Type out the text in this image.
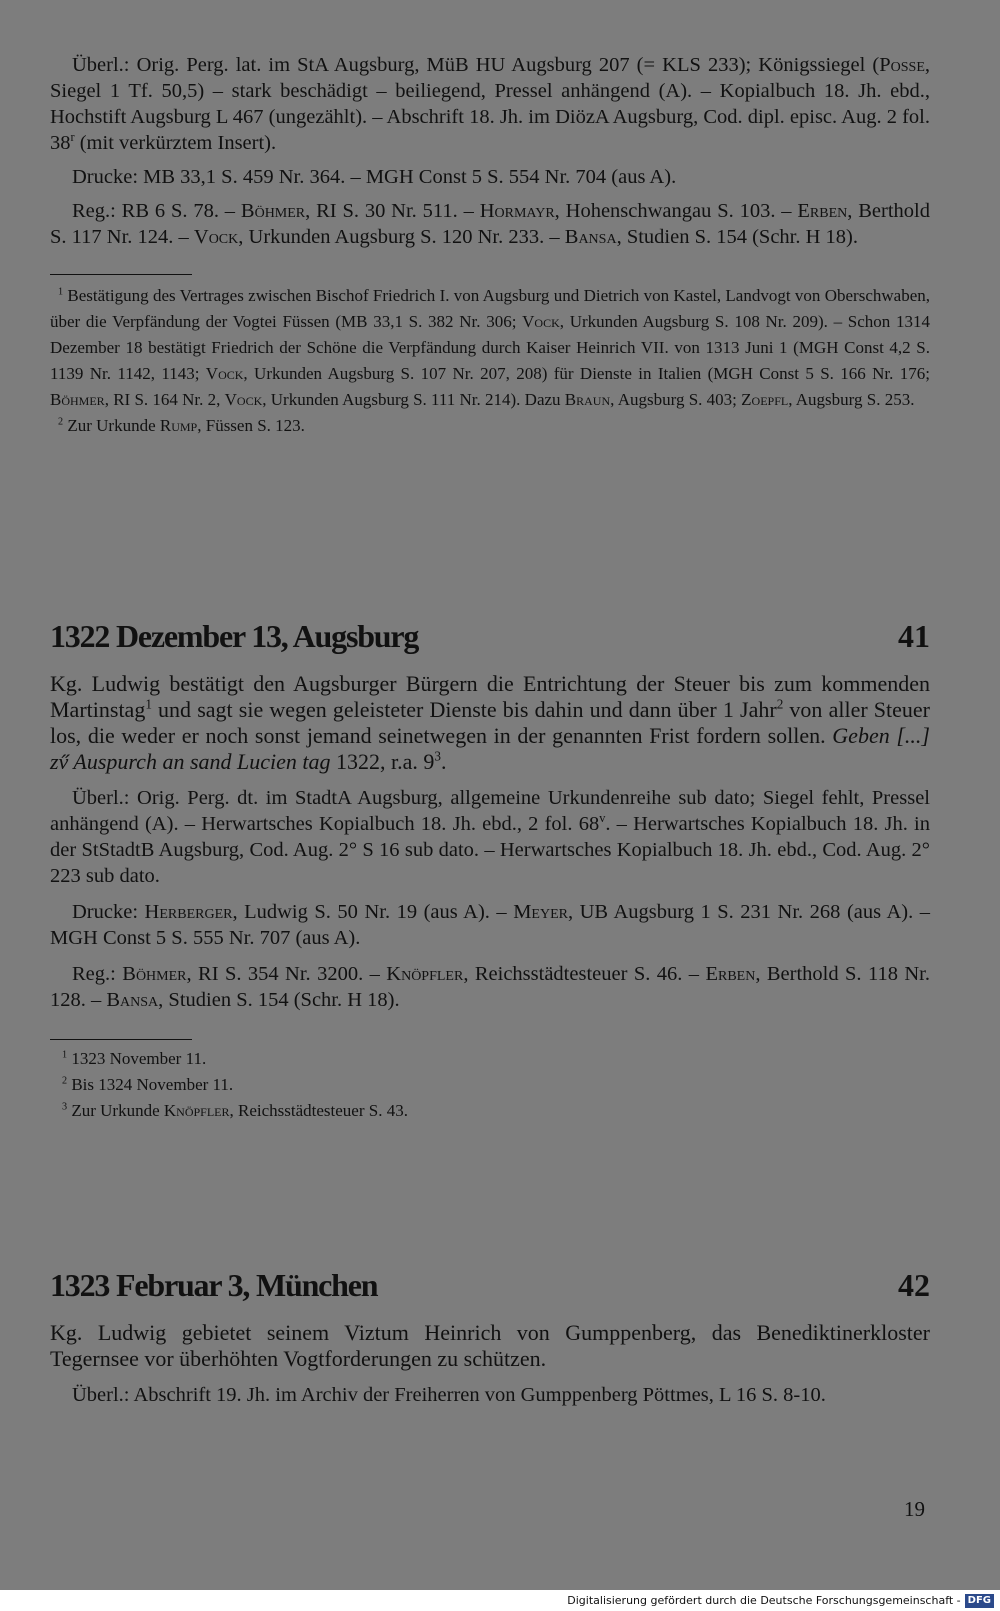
Überl.: Orig. Perg. lat. im StA Augsburg, MüB HU Augsburg 207 (= KLS 233); Königssiegel (Posse, Siegel 1 Tf. 50,5) – stark beschädigt – beiliegend, Pressel anhängend (A). – Kopialbuch 18. Jh. ebd., Hochstift Augsburg L 467 (ungezählt). – Abschrift 18. Jh. im DiözA Augsburg, Cod. dipl. episc. Aug. 2 fol. 38$^r$ (mit verkürztem Insert).

Drucke: MB 33,1 S. 459 Nr. 364. – MGH Const 5 S. 554 Nr. 704 (aus A).

Reg.: RB 6 S. 78. – Böhmer, RI S. 30 Nr. 511. – Hormayr, Hohenschwangau S. 103. – Erben, Berthold S. 117 Nr. 124. – Vock, Urkunden Augsburg S. 120 Nr. 233. – Bansa, Studien S. 154 (Schr. H 18).

$^1$ Bestätigung des Vertrages zwischen Bischof Friedrich I. von Augsburg und Dietrich von Kastel, Landvogt von Oberschwaben, über die Verpfändung der Vogtei Füssen (MB 33,1 S. 382 Nr. 306; Vock, Urkunden Augsburg S. 108 Nr. 209). – Schon 1314 Dezember 18 bestätigt Friedrich der Schöne die Verpfändung durch Kaiser Heinrich VII. von 1313 Juni 1 (MGH Const 4,2 S. 1139 Nr. 1142, 1143; Vock, Urkunden Augsburg S. 107 Nr. 207, 208) für Dienste in Italien (MGH Const 5 S. 166 Nr. 176; Böhmer, RI S. 164 Nr. 2, Vock, Urkunden Augsburg S. 111 Nr. 214). Dazu Braun, Augsburg S. 403; Zoepfl, Augsburg S. 253.

$^2$ Zur Urkunde Rump, Füssen S. 123.

1322 Dezember 13, Augsburg	41

Kg. Ludwig bestätigt den Augsburger Bürgern die Entrichtung der Steuer bis zum kommenden Martinstag$^1$ und sagt sie wegen geleisteter Dienste bis dahin und dann über 1 Jahr$^2$ von aller Steuer los, die weder er noch sonst jemand seinetwegen in der genannten Frist fordern sollen. Geben [...] zv Auspurch an sand Lucien tag 1322, r.a. $9^3$.

Überl.: Orig. Perg. dt. im StadtA Augsburg, allgemeine Urkundenreihe sub dato; Siegel fehlt, Pressel anhängend (A). – Herwartsches Kopialbuch 18. Jh. ebd., 2 fol. 68$^v$. – Herwartsches Kopialbuch 18. Jh. in der StStadtB Augsburg, Cod. Aug. 2° S 16 sub dato. – Herwartsches Kopialbuch 18. Jh. ebd., Cod. Aug. 2° 223 sub dato.

Drucke: Herberger, Ludwig S. 50 Nr. 19 (aus A). – Meyer, UB Augsburg 1 S. 231 Nr. 268 (aus A). – MGH Const 5 S. 555 Nr. 707 (aus A).

Reg.: Böhmer, RI S. 354 Nr. 3200. – Knöpfler, Reichsstädtesteuer S. 46. – Erben, Berthold S. 118 Nr. 128. – Bansa, Studien S. 154 (Schr. H 18).

$^1$ 1323 November 11.

$^2$ Bis 1324 November 11.

$^3$ Zur Urkunde Knöpfler, Reichsstädtesteuer S. 43.

1323 Februar 3, München	42

Kg. Ludwig gebietet seinem Viztum Heinrich von Gumppenberg, das Benediktinerkloster Tegernsee vor überhöhten Vogtforderungen zu schützen.

Überl.: Abschrift 19. Jh. im Archiv der Freiherren von Gumppenberg Pöttmes, L 16 S. 8-10.

19
Digitalisierung gefördert durch die Deutsche Forschungsgemeinschaft - DFG
